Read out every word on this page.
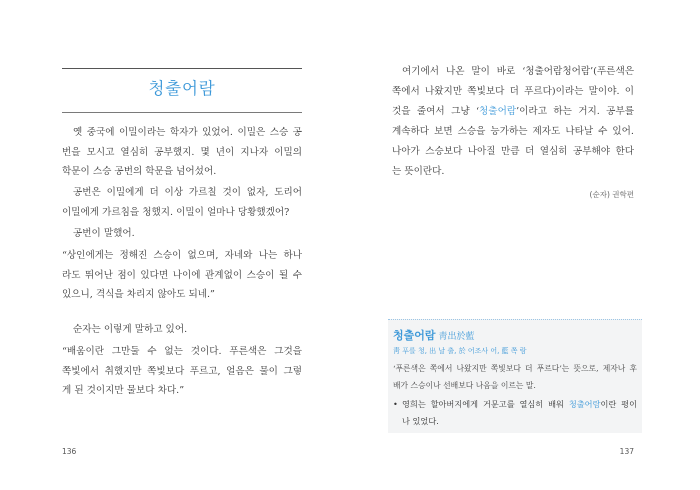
청출어람
옛 중국에 이밀이라는 학자가 있었어. 이밀은 스승 공
번을 모시고 열심히 공부했지. 몇 년이 지나자 이밀의
학문이 스승 공번의 학문을 넘어섰어.
공번은 이밀에게 더 이상 가르칠 것이 없자, 도리어
이밀에게 가르침을 청했지. 이밀이 얼마나 당황했겠어?
공번이 말했어.
“상인에게는 정해진 스승이 없으며, 자네와 나는 하나
라도 뛰어난 점이 있다면 나이에 관계없이 스승이 될 수
있으니, 격식을 차리지 않아도 되네.”
순자는 이렇게 말하고 있어.
“배움이란 그만둘 수 없는 것이다. 푸른색은 그것을
쪽빛에서 취했지만 쪽빛보다 푸르고, 얼음은 물이 그렇
게 된 것이지만 물보다 차다.”
136
여기에서 나온 말이 바로 ‘청출어람청어람’(푸른색은
쪽에서 나왔지만 쪽빛보다 더 푸르다)이라는 말이야. 이
것을 줄여서 그냥 ‘청출어람’이라고 하는 거지. 공부를
계속하다 보면 스승을 능가하는 제자도 나타날 수 있어.
나아가 스승보다 나아질 만큼 더 열심히 공부해야 한다
는 뜻이란다.
(순자) 권학편
청출어람 靑出於藍
靑 푸를 청, 出 날 출, 於 어조사 어, 藍 쪽 람
‘푸른색은 쪽에서 나왔지만 쪽빛보다 더 푸르다’는 뜻으로, 제자나 후
배가 스승이나 선배보다 나음을 이르는 말.
• 영희는 할아버지에게 거문고를 열심히 배워 청출어람이란 평이
나 있었다.
137
